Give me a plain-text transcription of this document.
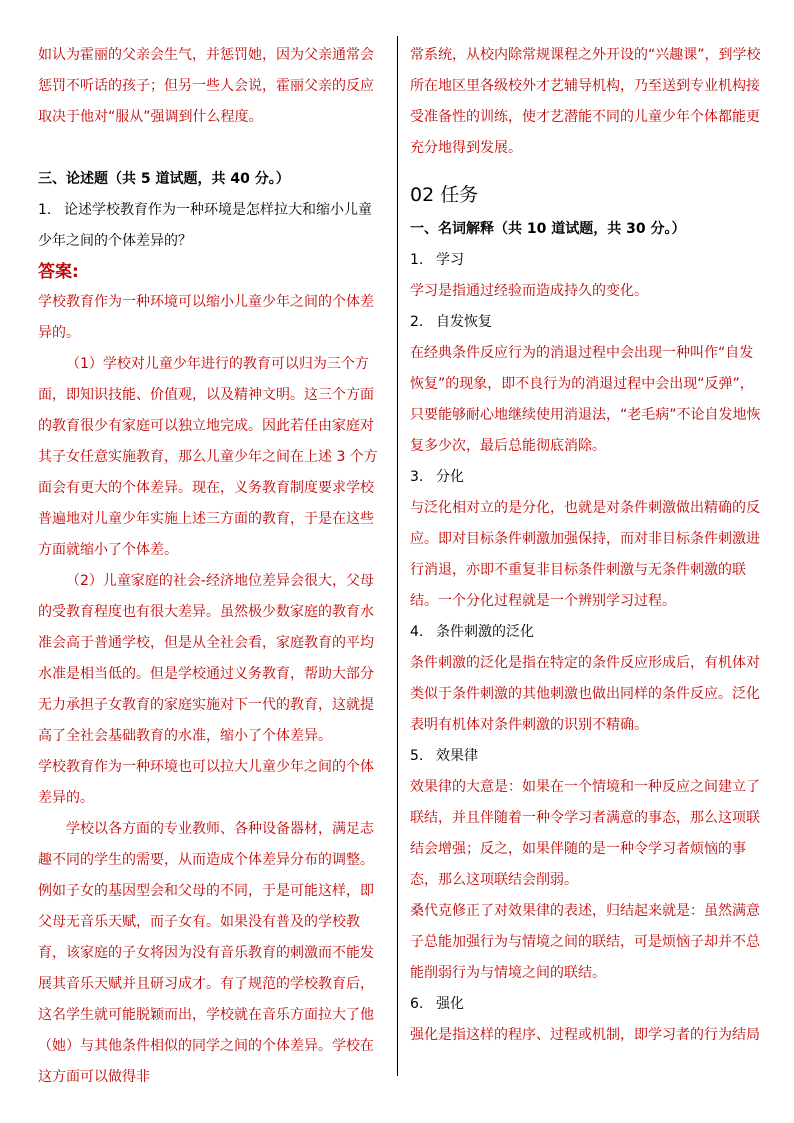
如认为霍丽的父亲会生气，并惩罚她，因为父亲通常会惩罚不听话的孩子；但另一些人会说，霍丽父亲的反应取决于他对“服从”强调到什么程度。

三、论述题（共 5 道试题，共 40 分。）

1. 论述学校教育作为一种环境是怎样拉大和缩小儿童少年之间的个体差异的？

答案:

学校教育作为一种环境可以缩小儿童少年之间的个体差异的。

（1）学校对儿童少年进行的教育可以归为三个方面，即知识技能、价值观，以及精神文明。这三个方面的教育很少有家庭可以独立地完成。因此若任由家庭对其子女任意实施教育，那么儿童少年之间在上述 3 个方面会有更大的个体差异。现在，义务教育制度要求学校普遍地对儿童少年实施上述三方面的教育，于是在这些方面就缩小了个体差。

（2）儿童家庭的社会-经济地位差异会很大，父母的受教育程度也有很大差异。虽然极少数家庭的教育水准会高于普通学校，但是从全社会看，家庭教育的平均水准是相当低的。但是学校通过义务教育，帮助大部分无力承担子女教育的家庭实施对下一代的教育，这就提高了全社会基础教育的水准，缩小了个体差异。

学校教育作为一种环境也可以拉大儿童少年之间的个体差异的。

学校以各方面的专业教师、各种设备器材，满足志趣不同的学生的需要，从而造成个体差异分布的调整。例如子女的基因型会和父母的不同，于是可能这样，即父母无音乐天赋，而子女有。如果没有普及的学校教育，该家庭的子女将因为没有音乐教育的刺激而不能发展其音乐天赋并且研习成才。有了规范的学校教育后，这名学生就可能脱颖而出，学校就在音乐方面拉大了他（她）与其他条件相似的同学之间的个体差异。学校在这方面可以做得非

常系统，从校内除常规课程之外开设的“兴趣课”，到学校所在地区里各级校外才艺辅导机构，乃至送到专业机构接受准备性的训练，使才艺潜能不同的儿童少年个体都能更充分地得到发展。

02 任务

一、名词解释（共 10 道试题，共 30 分。）

1. 学习

学习是指通过经验而造成持久的变化。

2. 自发恢复

在经典条件反应行为的消退过程中会出现一种叫作“自发恢复”的现象，即不良行为的消退过程中会出现“反弹”，只要能够耐心地继续使用消退法，“老毛病”不论自发地恢复多少次，最后总能彻底消除。

3. 分化

与泛化相对立的是分化，也就是对条件刺激做出精确的反应。即对目标条件刺激加强保持，而对非目标条件刺激进行消退，亦即不重复非目标条件刺激与无条件刺激的联结。一个分化过程就是一个辨别学习过程。

4. 条件刺激的泛化

条件刺激的泛化是指在特定的条件反应形成后，有机体对类似于条件刺激的其他刺激也做出同样的条件反应。泛化表明有机体对条件刺激的识别不精确。

5. 效果律

效果律的大意是：如果在一个情境和一种反应之间建立了联结，并且伴随着一种令学习者满意的事态，那么这项联结会增强；反之，如果伴随的是一种令学习者烦恼的事态，那么这项联结会削弱。

桑代克修正了对效果律的表述，归结起来就是：虽然满意子总能加强行为与情境之间的联结，可是烦恼子却并不总能削弱行为与情境之间的联结。

6. 强化

强化是指这样的程序、过程或机制，即学习者的行为结局
